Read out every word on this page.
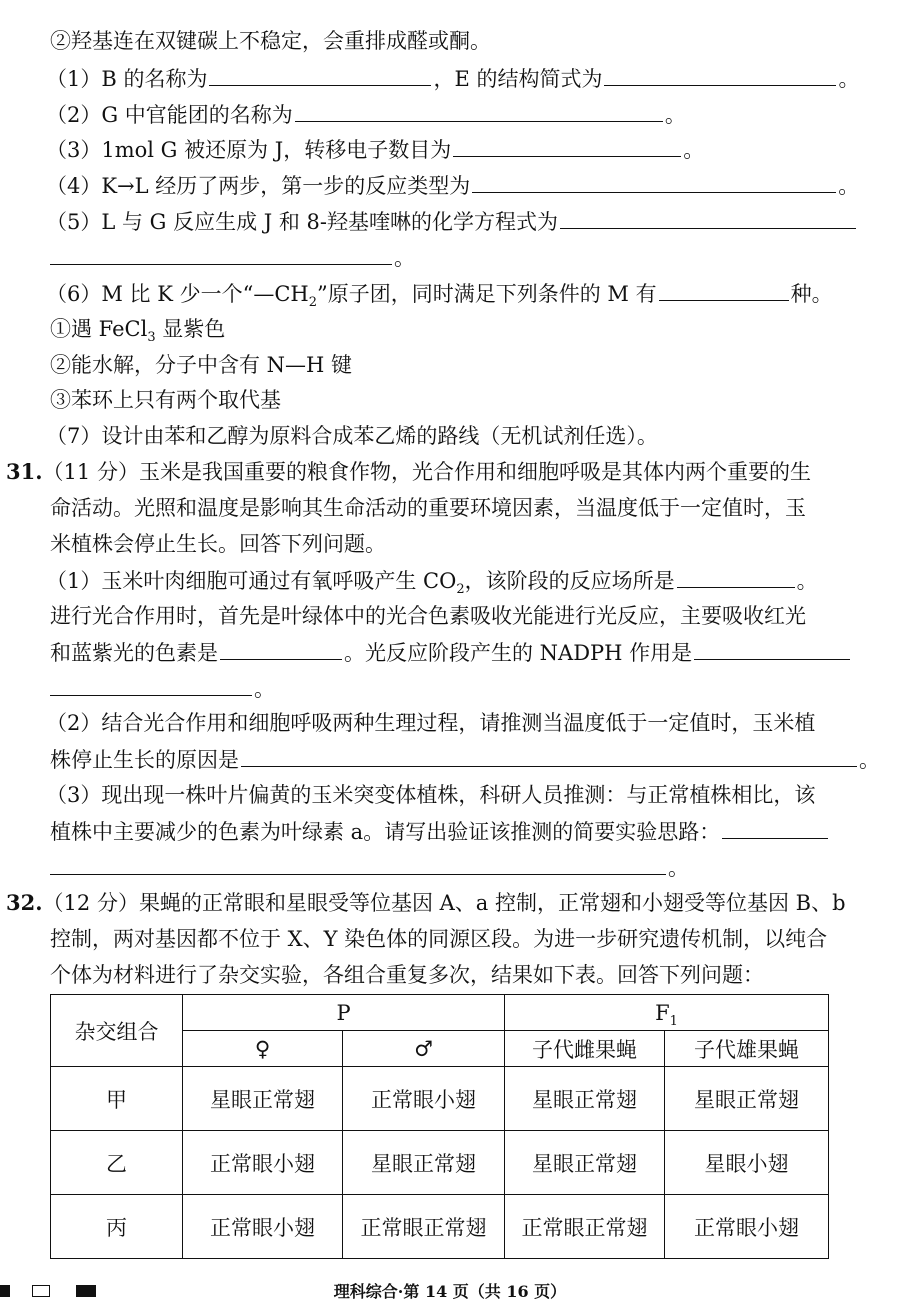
②羟基连在双键碳上不稳定，会重排成醛或酮。
（1）B 的名称为	，E 的结构简式为	。
（2）G 中官能团的名称为	。
（3）1mol G 被还原为 J，转移电子数目为	。
（4）K→L 经历了两步，第一步的反应类型为	。
（5）L 与 G 反应生成 J 和 8-羟基喹啉的化学方程式为
。
（6）M 比 K 少一个“$—CH_2$”原子团，同时满足下列条件的 M 有	种。
①遇 FeCl$_3$ 显紫色
②能水解，分子中含有 N—H 键
③苯环上只有两个取代基
（7）设计由苯和乙醇为原料合成苯乙烯的路线（无机试剂任选）。
31.（11 分）玉米是我国重要的粮食作物，光合作用和细胞呼吸是其体内两个重要的生
命活动。光照和温度是影响其生命活动的重要环境因素，当温度低于一定值时，玉
米植株会停止生长。回答下列问题。
（1）玉米叶肉细胞可通过有氧呼吸产生 $CO_2$，该阶段的反应场所是	。
进行光合作用时，首先是叶绿体中的光合色素吸收光能进行光反应，主要吸收红光
和蓝紫光的色素是	。光反应阶段产生的 NADPH 作用是
。
（2）结合光合作用和细胞呼吸两种生理过程，请推测当温度低于一定值时，玉米植
株停止生长的原因是	。
（3）现出现一株叶片偏黄的玉米突变体植株，科研人员推测：与正常植株相比，该
植株中主要减少的色素为叶绿素 a。请写出验证该推测的简要实验思路：
。
32.（12 分）果蝇的正常眼和星眼受等位基因 A、a 控制，正常翅和小翅受等位基因 B、b
控制，两对基因都不位于 X、Y 染色体的同源区段。为进一步研究遗传机制，以纯合
个体为材料进行了杂交实验，各组合重复多次，结果如下表。回答下列问题：
杂交组合	P		$F_1$
	♀	♂	子代雌果蝇	子代雄果蝇
甲	星眼正常翅	正常眼小翅	星眼正常翅	星眼正常翅
乙	正常眼小翅	星眼正常翅	星眼正常翅	星眼小翅
丙	正常眼小翅	正常眼正常翅	正常眼正常翅	正常眼小翅
理科综合·第 14 页（共 16 页）
